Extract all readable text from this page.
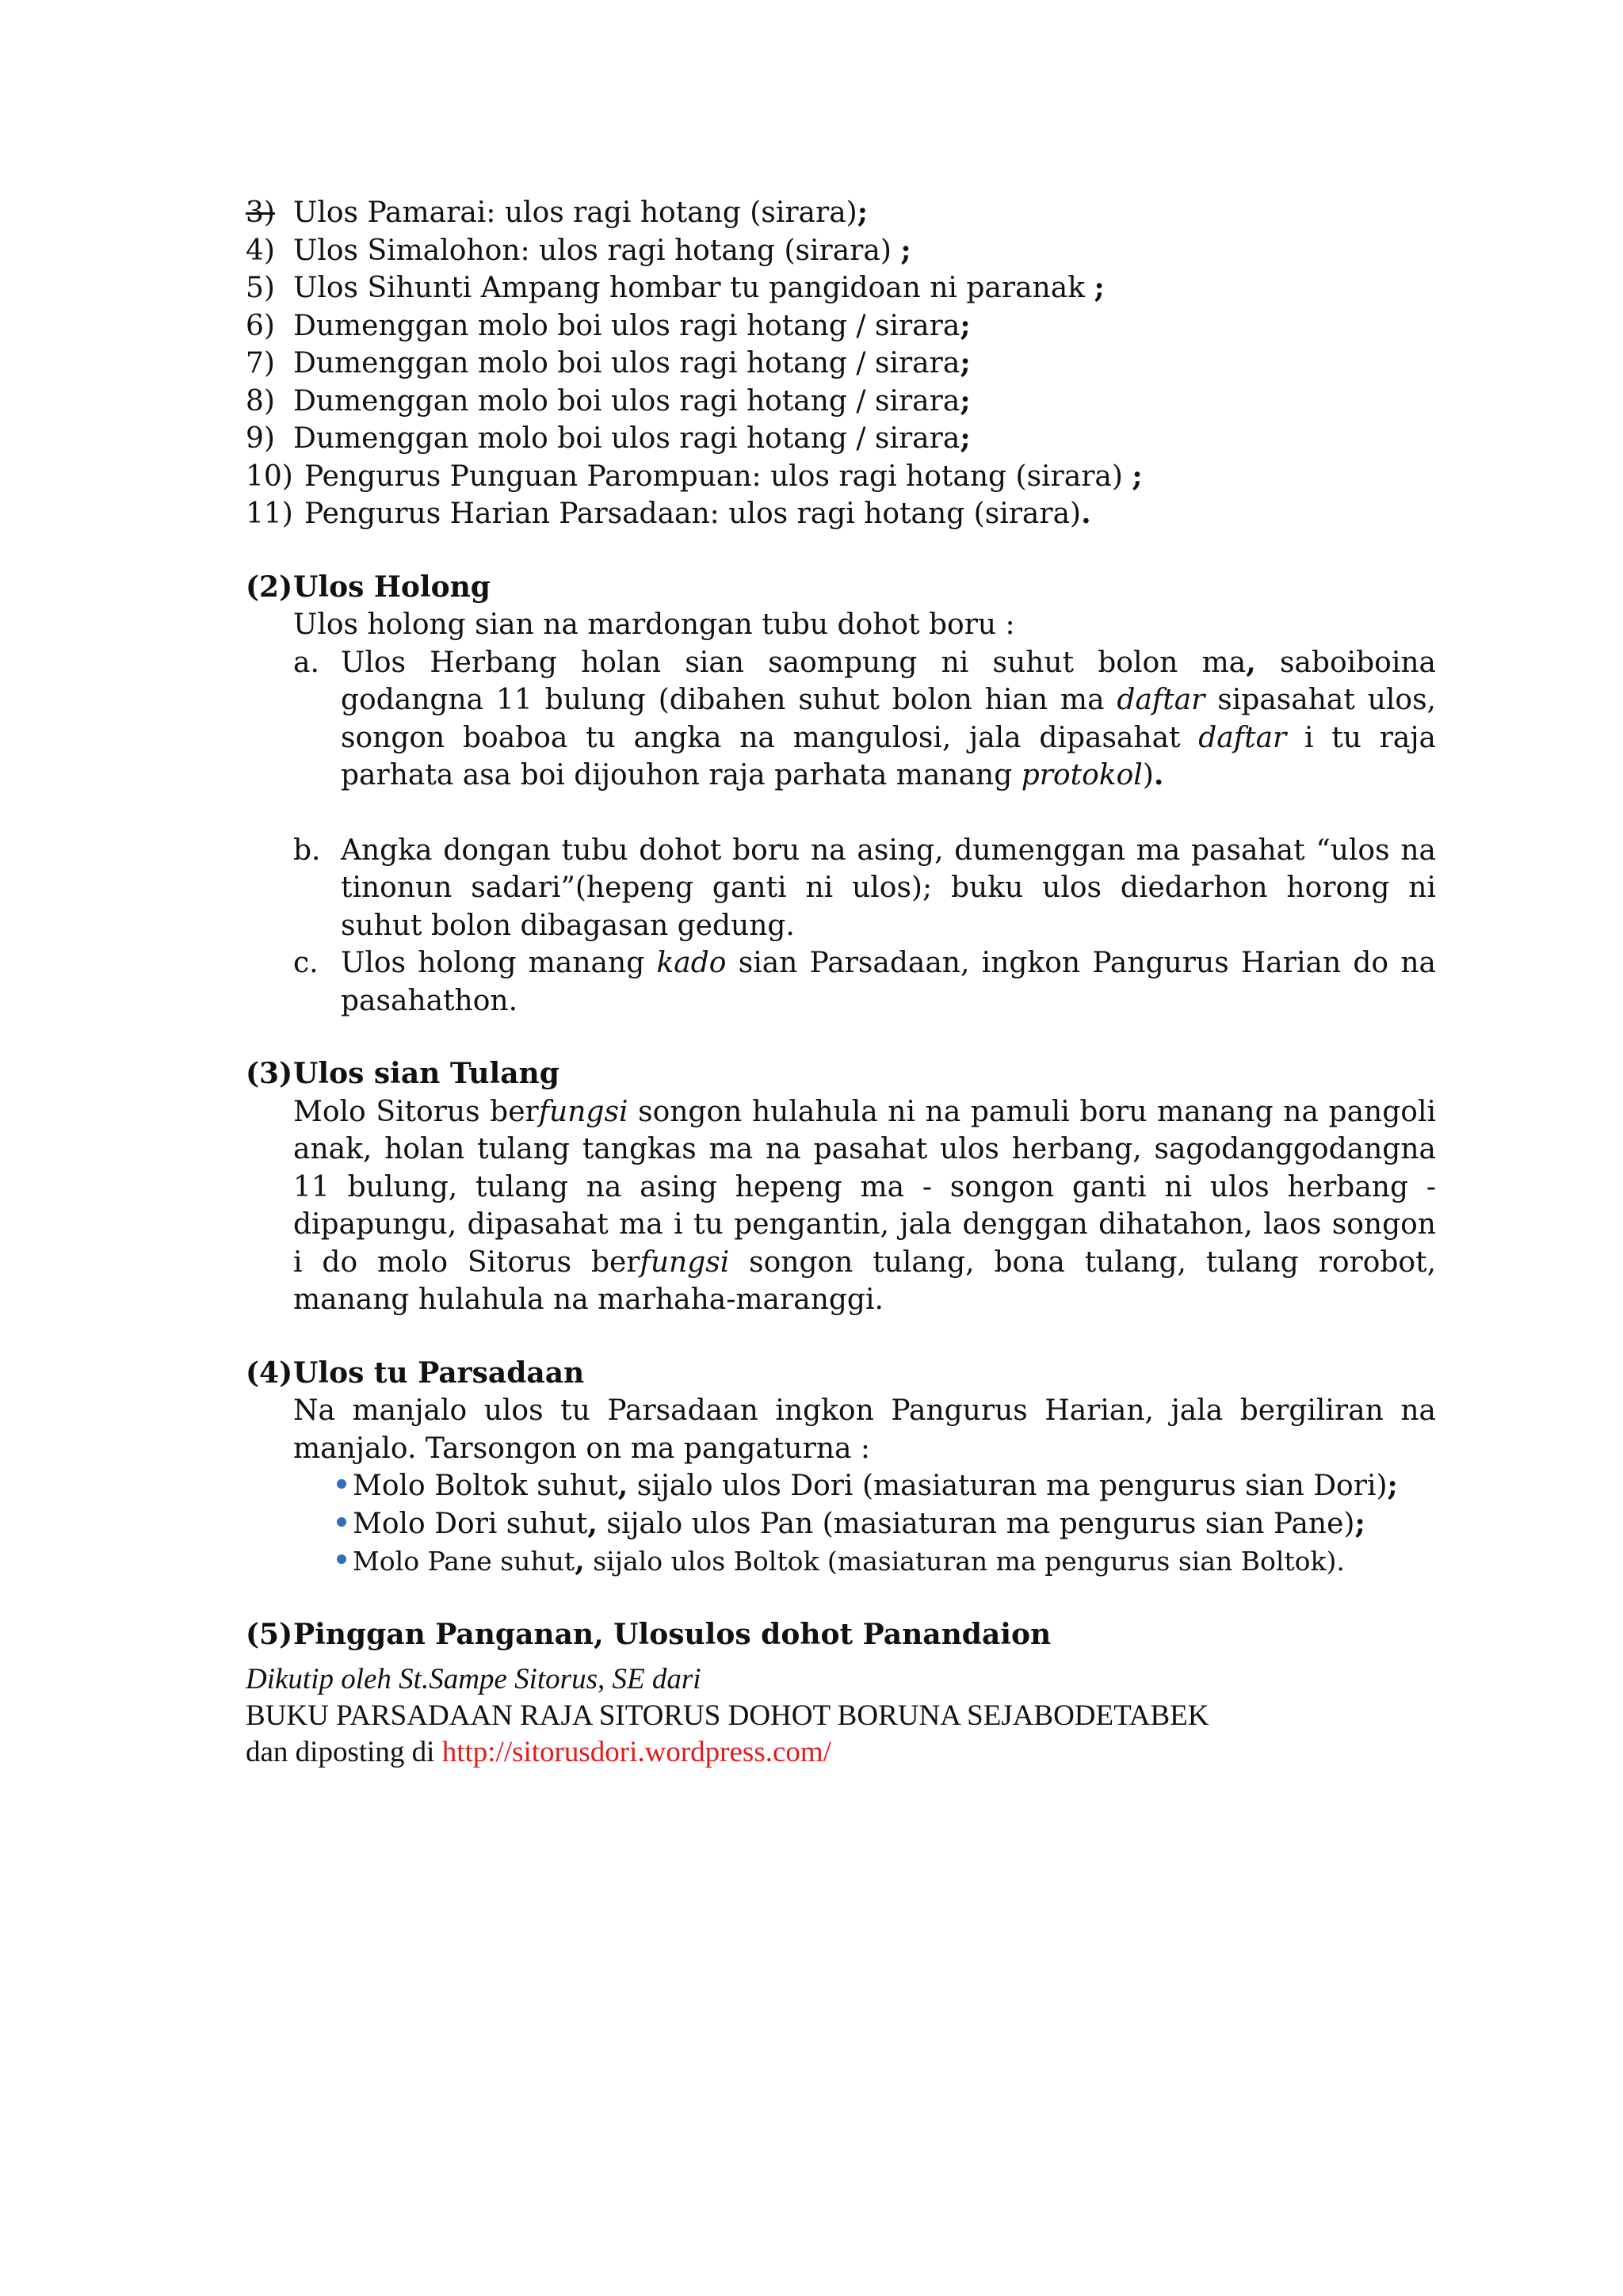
3) Ulos Pamarai: ulos ragi hotang (sirara);
4) Ulos Simalohon: ulos ragi hotang (sirara) ;
5) Ulos Sihunti Ampang hombar tu pangidoan ni paranak ;
6) Dumenggan molo boi ulos ragi hotang / sirara;
7) Dumenggan molo boi ulos ragi hotang / sirara;
8) Dumenggan molo boi ulos ragi hotang / sirara;
9) Dumenggan molo boi ulos ragi hotang / sirara;
10) Pengurus Punguan Parompuan: ulos ragi hotang (sirara) ;
11) Pengurus Harian Parsadaan: ulos ragi hotang (sirara).
(2) Ulos Holong
Ulos holong sian na mardongan tubu dohot boru :
a. Ulos Herbang holan sian saompung ni suhut bolon ma, saboiboina godangna 11 bulung (dibahen suhut bolon hian ma daftar sipasahat ulos, songon boaboa tu angka na mangulosi, jala dipasahat daftar i tu raja parhata asa boi dijouhon raja parhata manang protokol).
b. Angka dongan tubu dohot boru na asing, dumenggan ma pasahat “ulos na tinonun sadari”(hepeng ganti ni ulos); buku ulos diedarhon horong ni suhut bolon dibagasan gedung.
c. Ulos holong manang kado sian Parsadaan, ingkon Pangurus Harian do na pasahathon.
(3) Ulos sian Tulang
Molo Sitorus berfungsi songon hulahula ni na pamuli boru manang na pangoli anak, holan tulang tangkas ma na pasahat ulos herbang, sagodanggodangna 11 bulung, tulang na asing hepeng ma - songon ganti ni ulos herbang - dipapungu, dipasahat ma i tu pengantin, jala denggan dihatahon, laos songon i do molo Sitorus berfungsi songon tulang, bona tulang, tulang rorobot, manang hulahula na marhaha-maranggi.
(4) Ulos tu Parsadaan
Na manjalo ulos tu Parsadaan ingkon Pangurus Harian, jala bergiliran na manjalo. Tarsongon on ma pangaturna :
Molo Boltok suhut, sijalo ulos Dori (masiaturan ma pengurus sian Dori);
Molo Dori suhut, sijalo ulos Pan (masiaturan ma pengurus sian Pane);
Molo Pane suhut, sijalo ulos Boltok (masiaturan ma pengurus sian Boltok).
(5) Pinggan Panganan, Ulosulos dohot Panandaion
Dikutip oleh St.Sampe Sitorus, SE dari
BUKU PARSADAAN RAJA SITORUS DOHOT BORUNA SEJABODETABEK
dan diposting di http://sitorusdori.wordpress.com/
